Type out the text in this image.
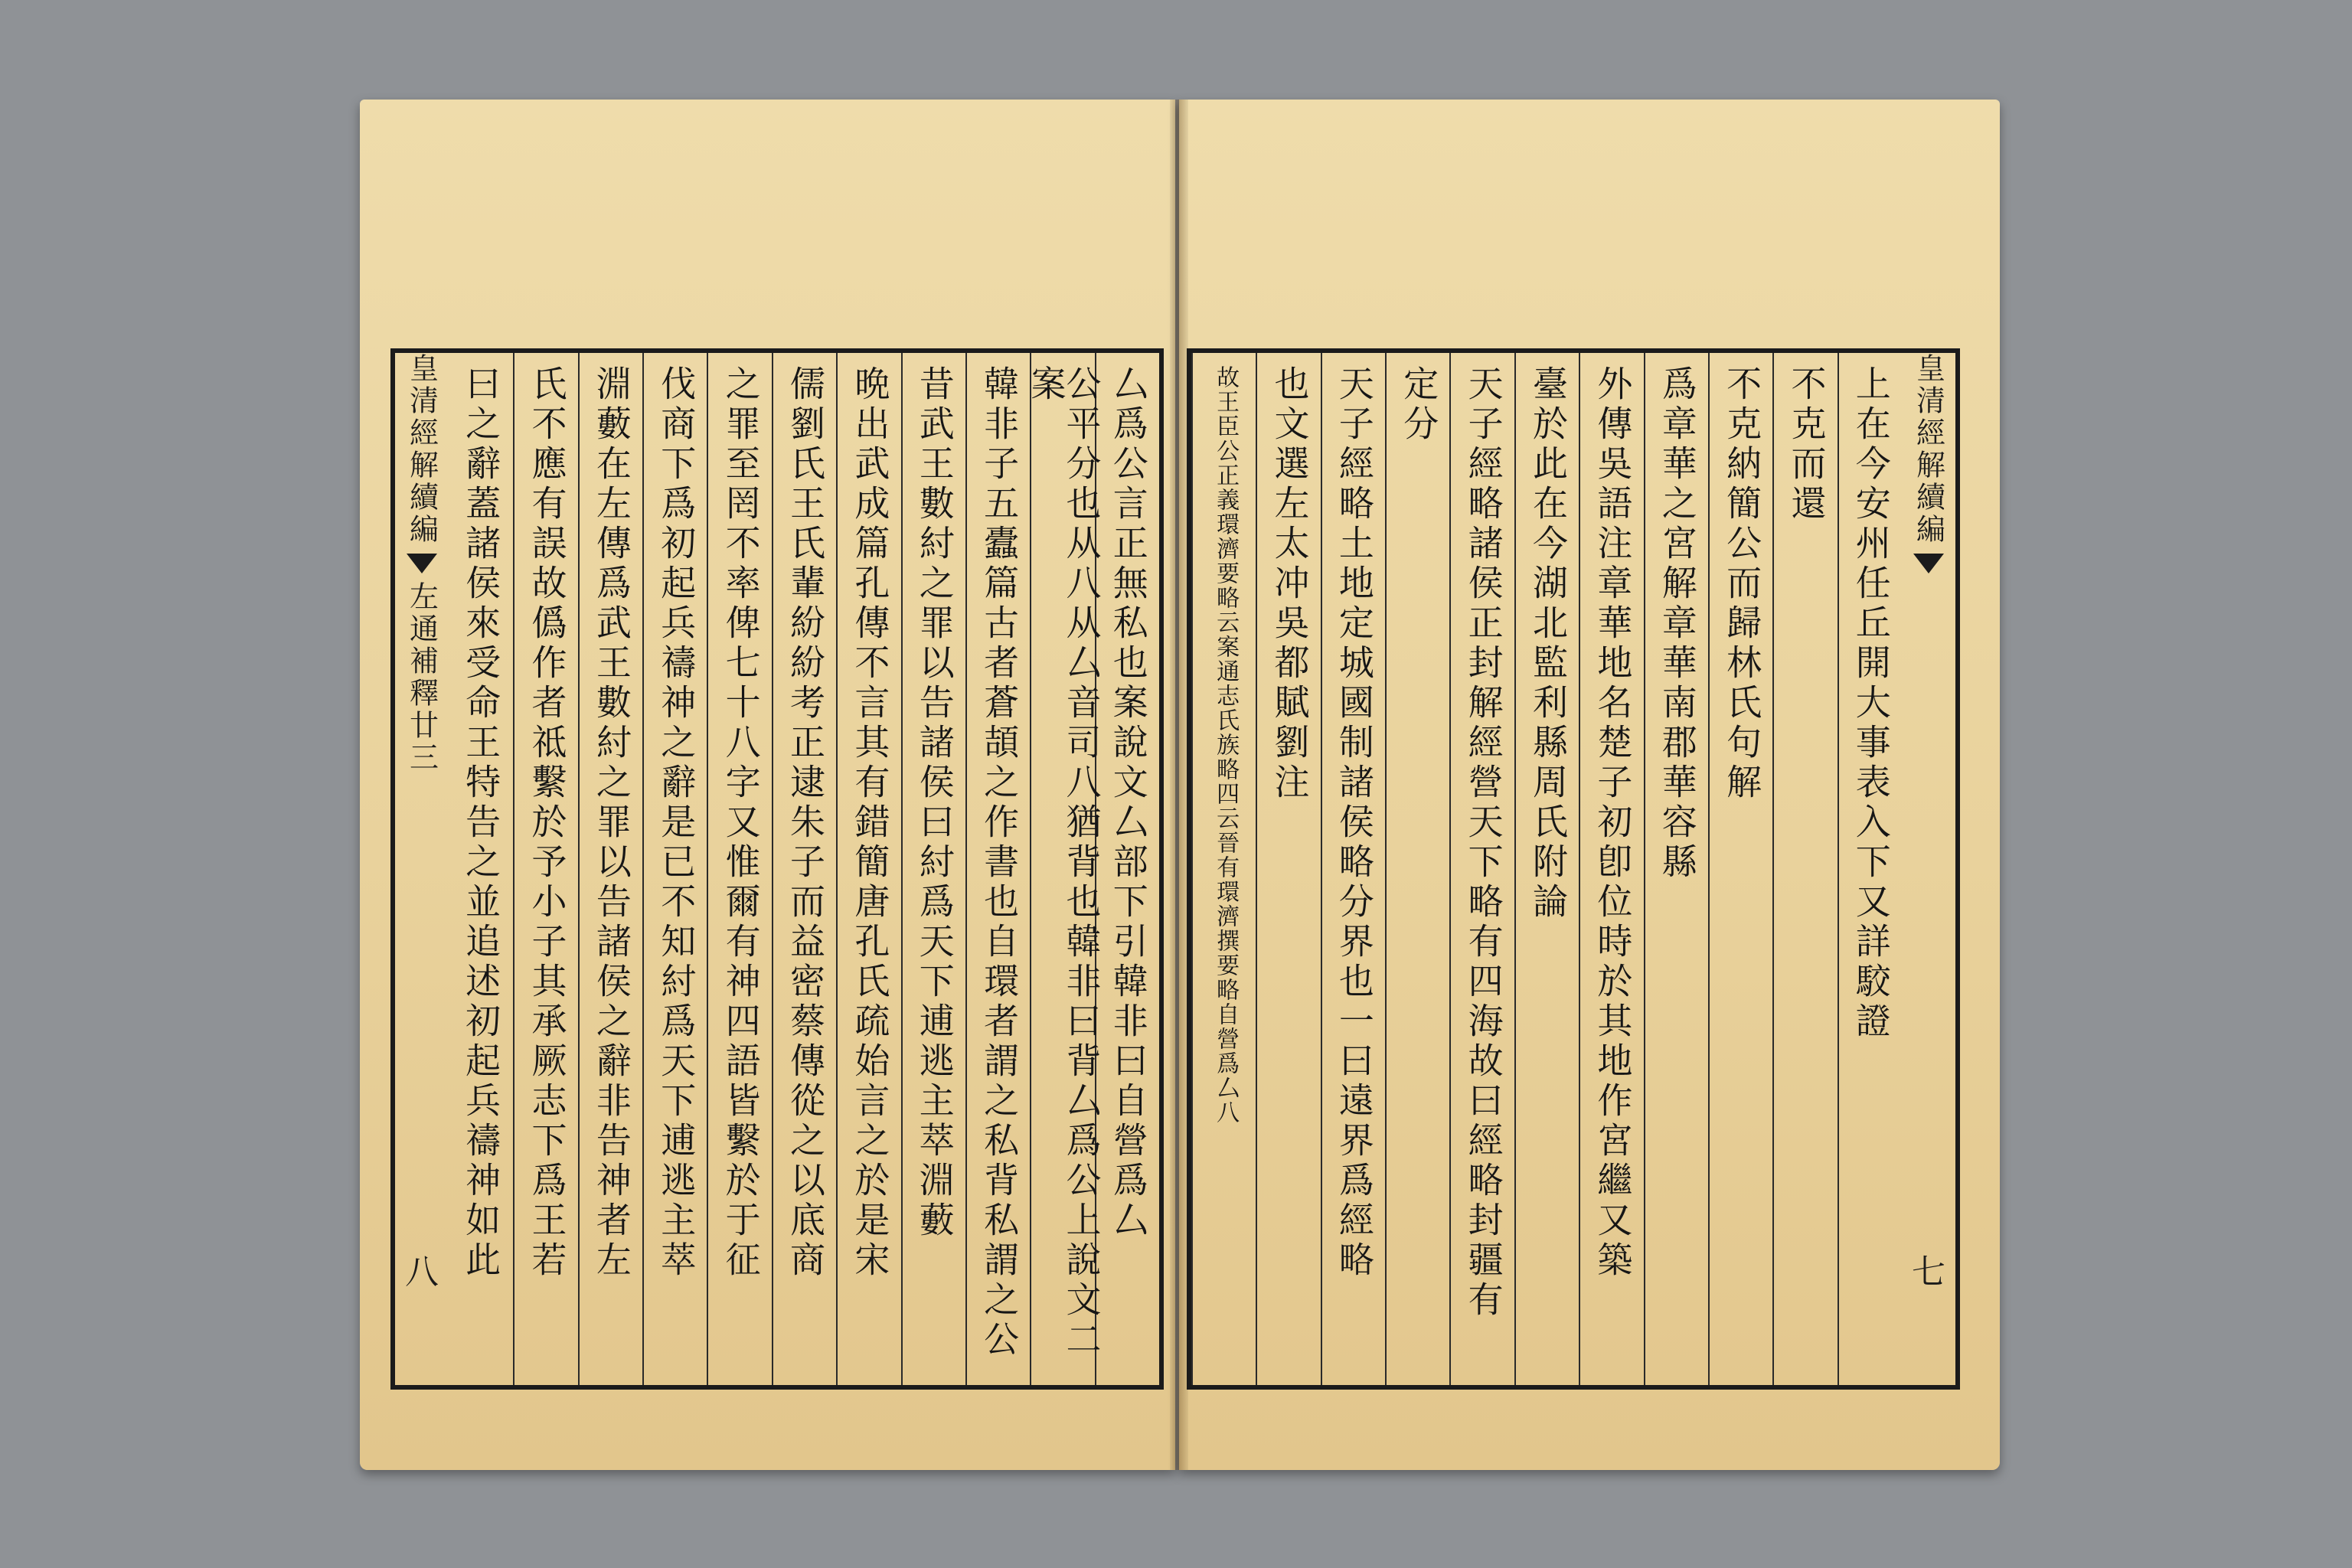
皇清經解續編
左通補釋廿三
八
厶爲公言正無私也案說文厶部下引韓非曰自營爲厶
公平分也从八从厶音司八猶背也韓非曰背厶爲公上說文二案
韓非子五蠹篇古者蒼頡之作書也自環者謂之私背私謂之公
昔武王數紂之罪以告諸侯曰紂爲天下逋逃主萃淵藪
晩出武成篇孔傳不言其有錯簡唐孔氏疏始言之於是宋
儒劉氏王氏輩紛紛考正逮朱子而益密蔡傳從之以底商
之罪至罔不率俾七十八字又惟爾有神四語皆繫於于征
伐商下爲初起兵禱神之辭是已不知紂爲天下逋逃主萃
淵藪在左傳爲武王數紂之罪以告諸侯之辭非告神者左
氏不應有誤故僞作者祗繫於予小子其承厥志下爲王若
曰之辭蓋諸侯來受命王特告之並追述初起兵禱神如此	皇清經解續編
七
上在今安州任丘開大事表入下又詳駮證
不克而還
不克納簡公而歸林氏句解
爲章華之宮解章華南郡華容縣
外傳吳語注章華地名楚子初卽位時於其地作宮繼又築
臺於此在今湖北監利縣周氏附論
天子經略諸侯正封解經營天下略有四海故曰經略封疆有
定分
天子經略土地定城國制諸侯略分界也一曰遠界爲經略
也文選左太冲吳都賦劉注
故王臣公正義環濟要略云案通志氏族略四云晉有環濟撰要略自營爲厶八
